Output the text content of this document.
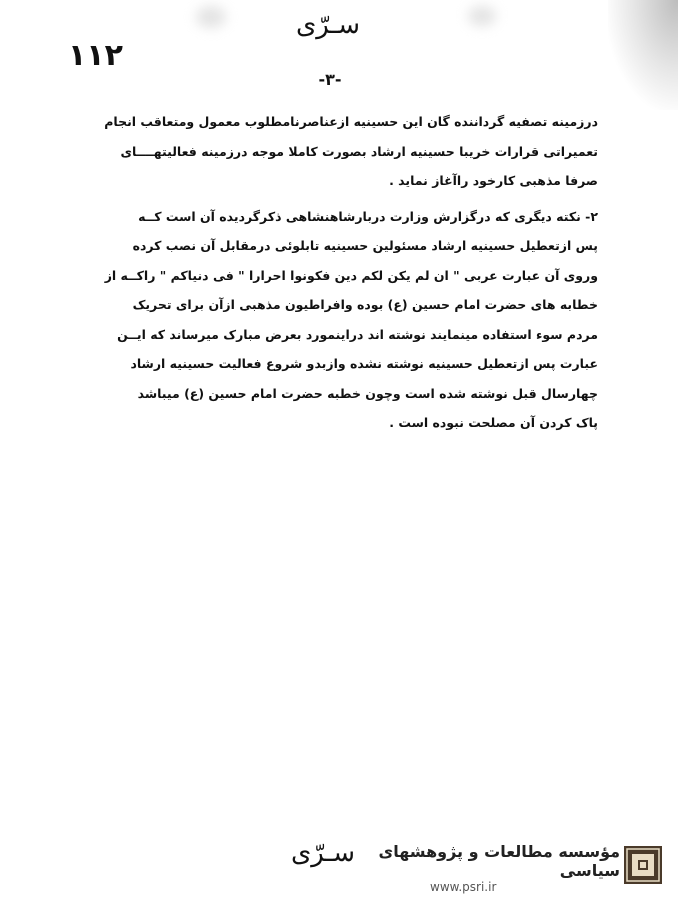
سـرّی
۱۱۲
-۳-
درزمینه تصفیه گرداننده گان این حسینیه ازعناصرنامطلوب معمول ومتعاقب انجام
تعمیراتی قرارات خریبا حسینیه ارشاد بصورت کاملا موجه درزمینه فعالیتهــــای
صرفا مذهبی کارخود راآغاز نماید .
۲- نکته دیگری که درگزارش وزارت دربارشاهنشاهی ذکرگردیده آن است کــه
پس ازتعطیل حسینیه ارشاد مسئولین حسینیه تابلوئی درمقابل آن نصب کرده
وروی آن عبارت عربی " ان لم یکن لکم دین فکونوا احرارا " فی دنیاکم " راکــه از
خطابه های حضرت امام حسین (ع) بوده وافراطیون مذهبی ازآن برای تحریک
مردم سوء استفاده مینمایند نوشته اند دراینمورد بعرض مبارک میرساند که ایــن
عبارت پس ازتعطیل حسینیه نوشته نشده وازبدو شروع فعالیت حسینیه ارشاد
چهارسال قبل نوشته شده است وچون خطبه حضرت امام حسین (ع) میباشد
پاک کردن آن مصلحت نبوده است .
سـرّی	مؤسسه مطالعات و پژوهشهای سیاسی
www.psri.ir
